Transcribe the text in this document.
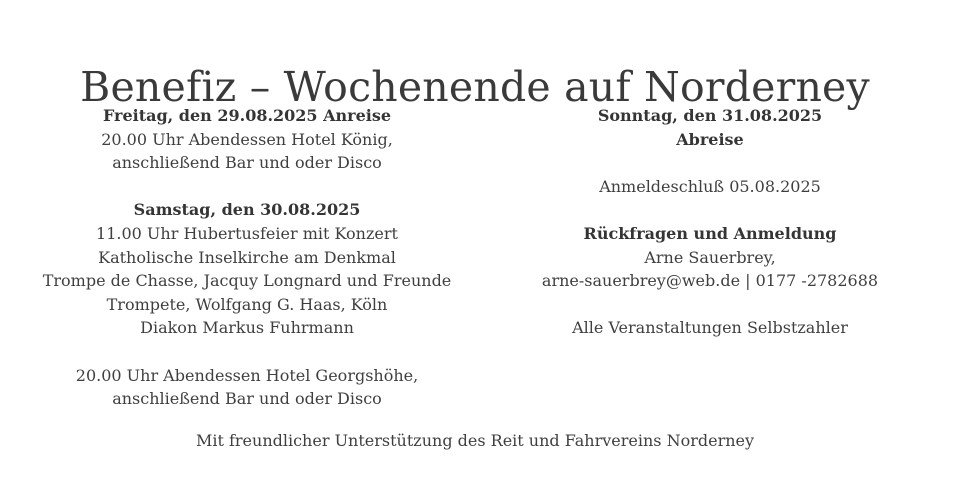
Benefiz – Wochenende auf Norderney
Freitag, den 29.08.2025 Anreise
20.00 Uhr Abendessen Hotel König,
anschließend Bar und oder Disco
Samstag, den 30.08.2025
11.00 Uhr Hubertusfeier mit Konzert
Katholische Inselkirche am Denkmal
Trompe de Chasse, Jacquy Longnard und Freunde
Trompete, Wolfgang G. Haas, Köln
Diakon Markus Fuhrmann
20.00 Uhr Abendessen Hotel Georgshöhe,
anschließend Bar und oder Disco
Sonntag, den 31.08.2025
Abreise
Anmeldeschluß 05.08.2025
Rückfragen und Anmeldung
Arne Sauerbrey,
arne-sauerbrey@web.de | 0177 -2782688
Alle Veranstaltungen Selbstzahler
Mit freundlicher Unterstützung des Reit und Fahrvereins Norderney
